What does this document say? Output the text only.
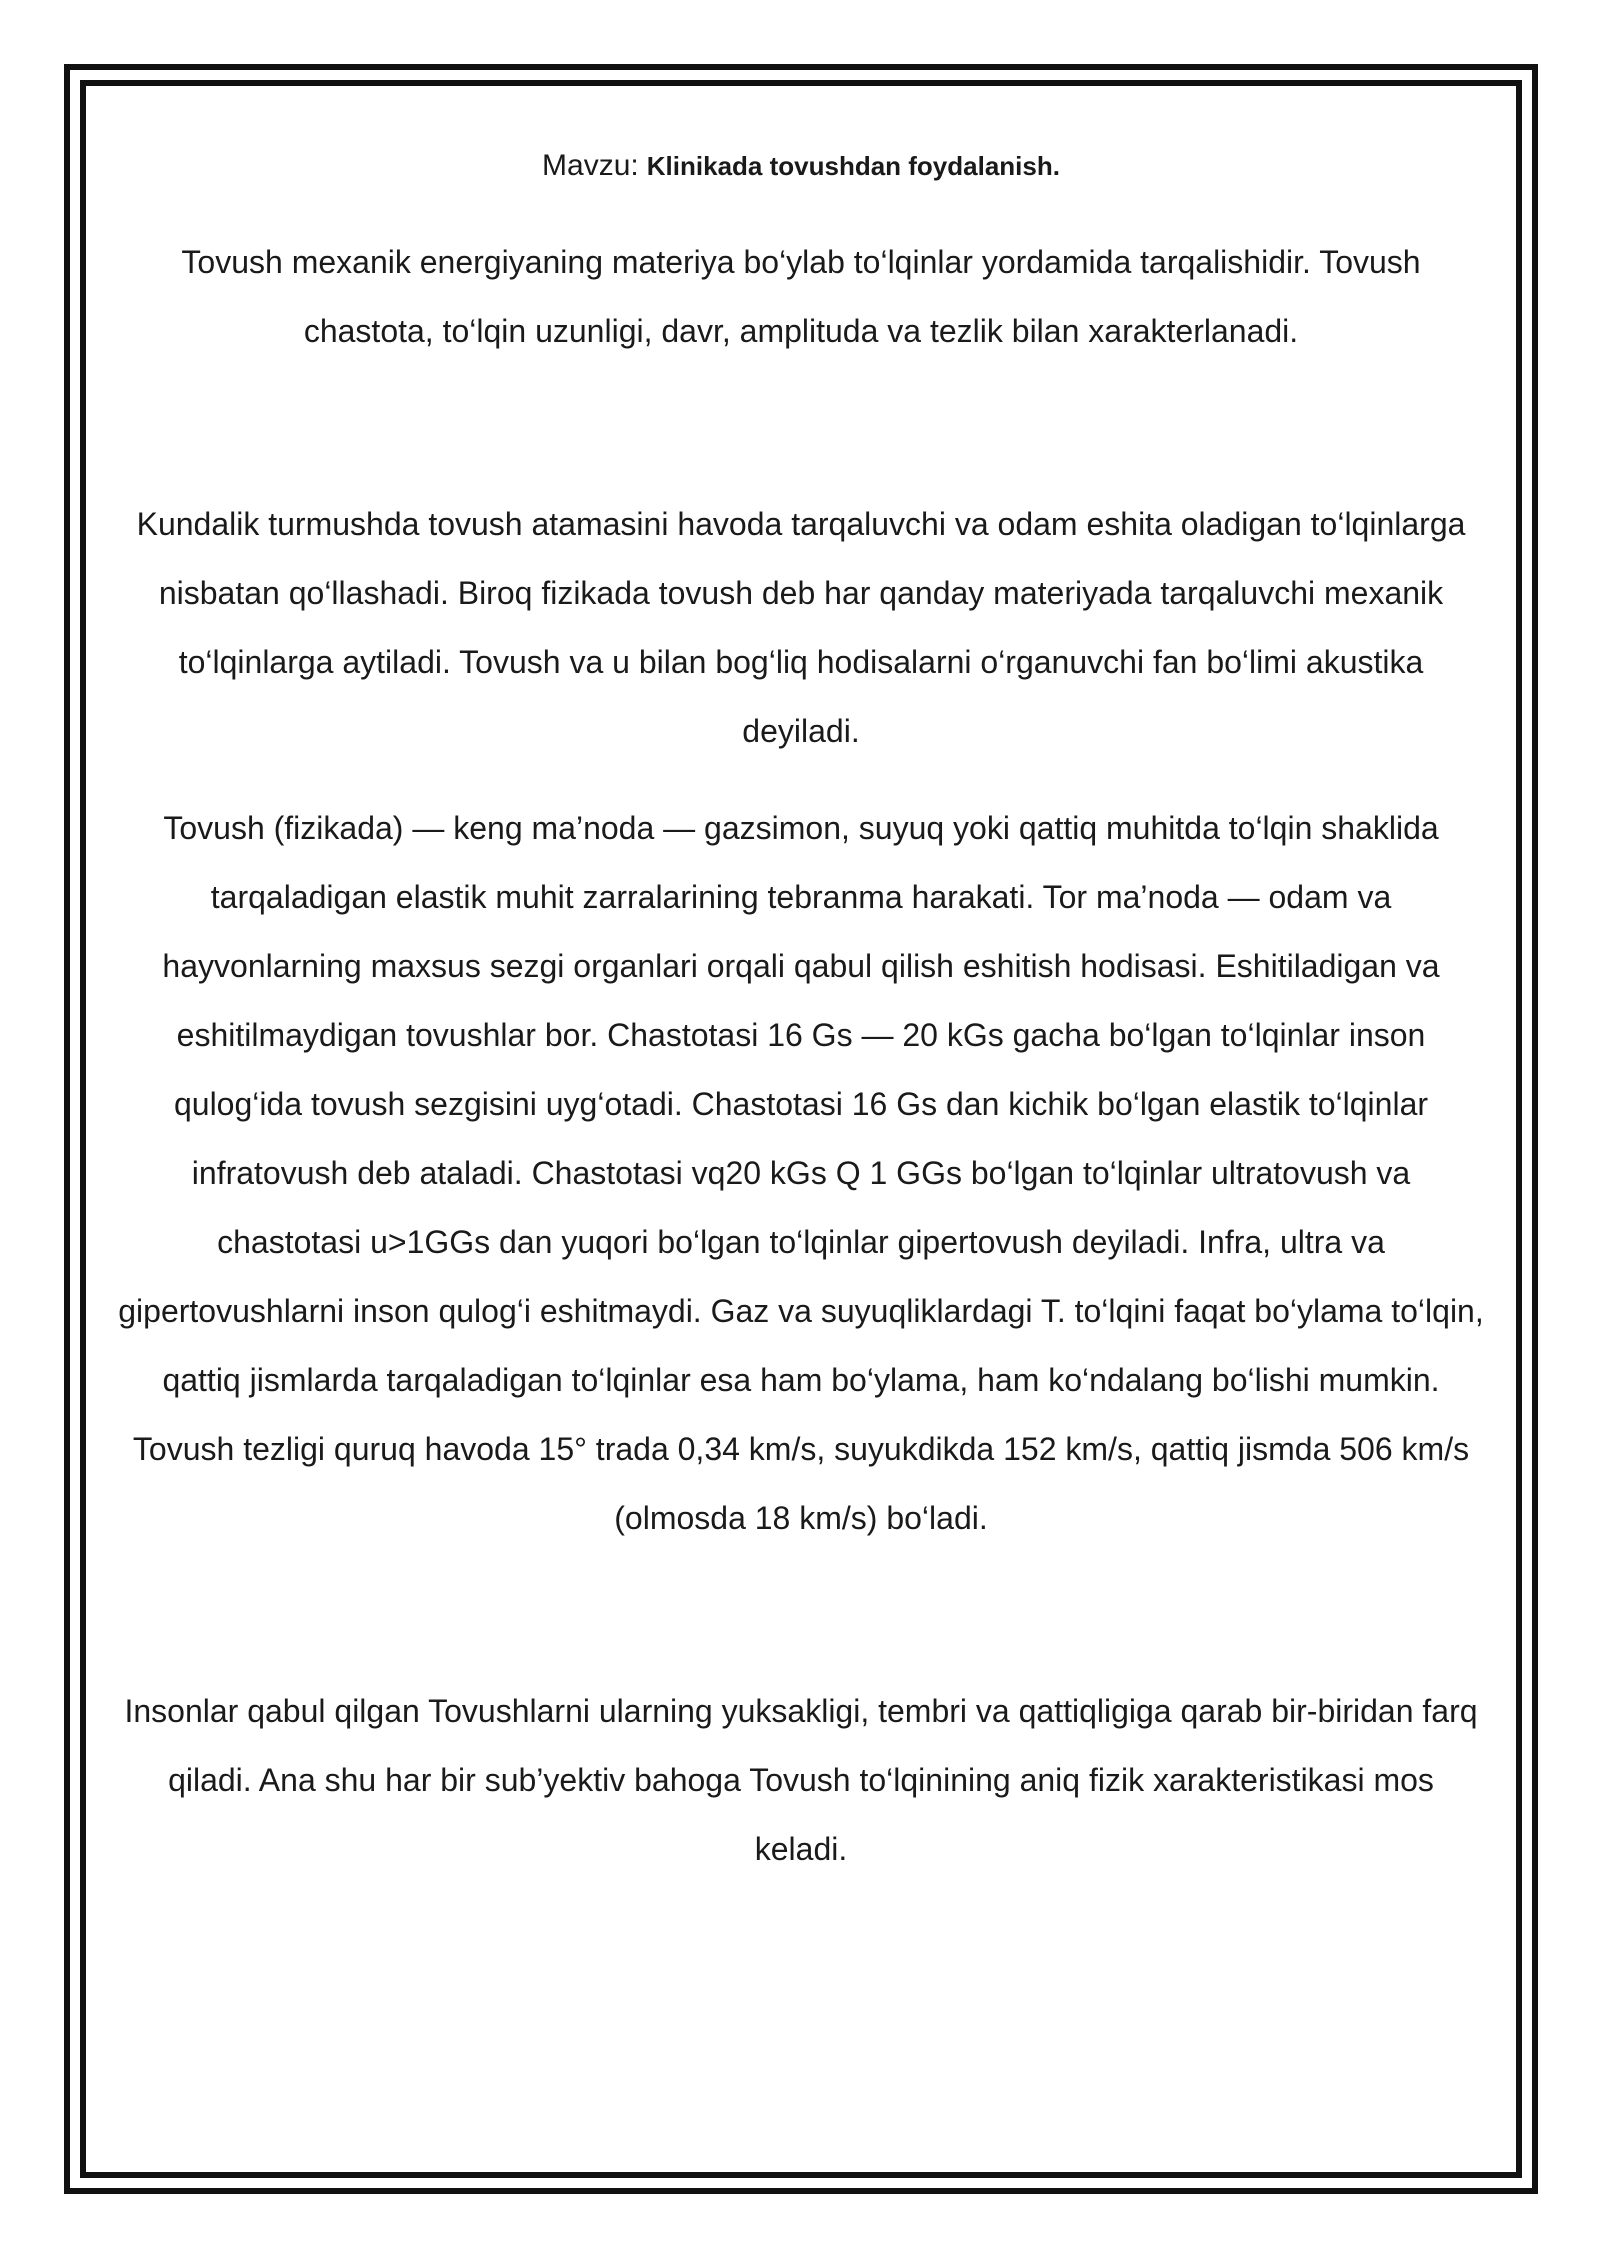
Mavzu: Klinikada tovushdan foydalanish.

Tovush mexanik energiyaning materiya bo‘ylab to‘lqinlar yordamida tarqalishidir. Tovush chastota, to‘lqin uzunligi, davr, amplituda va tezlik bilan xarakterlanadi.

Kundalik turmushda tovush atamasini havoda tarqaluvchi va odam eshita oladigan to‘lqinlarga nisbatan qo‘llashadi. Biroq fizikada tovush deb har qanday materiyada tarqaluvchi mexanik to‘lqinlarga aytiladi. Tovush va u bilan bog‘liq hodisalarni o‘rganuvchi fan bo‘limi akustika deyiladi.

Tovush (fizikada) — keng ma’noda — gazsimon, suyuq yoki qattiq muhitda to‘lqin shaklida tarqaladigan elastik muhit zarralarining tebranma harakati. Tor ma’noda — odam va hayvonlarning maxsus sezgi organlari orqali qabul qilish eshitish hodisasi. Eshitiladigan va eshitilmaydigan tovushlar bor. Chastotasi 16 Gs — 20 kGs gacha bo‘lgan to‘lqinlar inson qulog‘ida tovush sezgisini uyg‘otadi. Chastotasi 16 Gs dan kichik bo‘lgan elastik to‘lqinlar infratovush deb ataladi. Chastotasi vq20 kGs Q 1 GGs bo‘lgan to‘lqinlar ultratovush va chastotasi u>1GGs dan yuqori bo‘lgan to‘lqinlar gipertovush deyiladi. Infra, ultra va gipertovushlarni inson qulog‘i eshitmaydi. Gaz va suyuqliklardagi T. to‘lqini faqat bo‘ylama to‘lqin, qattiq jismlarda tarqaladigan to‘lqinlar esa ham bo‘ylama, ham ko‘ndalang bo‘lishi mumkin. Tovush tezligi quruq havoda 15° trada 0,34 km/s, suyukdikda 152 km/s, qattiq jismda 506 km/s (olmosda 18 km/s) bo‘ladi.

Insonlar qabul qilgan Tovushlarni ularning yuksakligi, tembri va qattiqligiga qarab bir-biridan farq qiladi. Ana shu har bir sub’yektiv bahoga Tovush to‘lqinining aniq fizik xarakteristikasi mos keladi.
